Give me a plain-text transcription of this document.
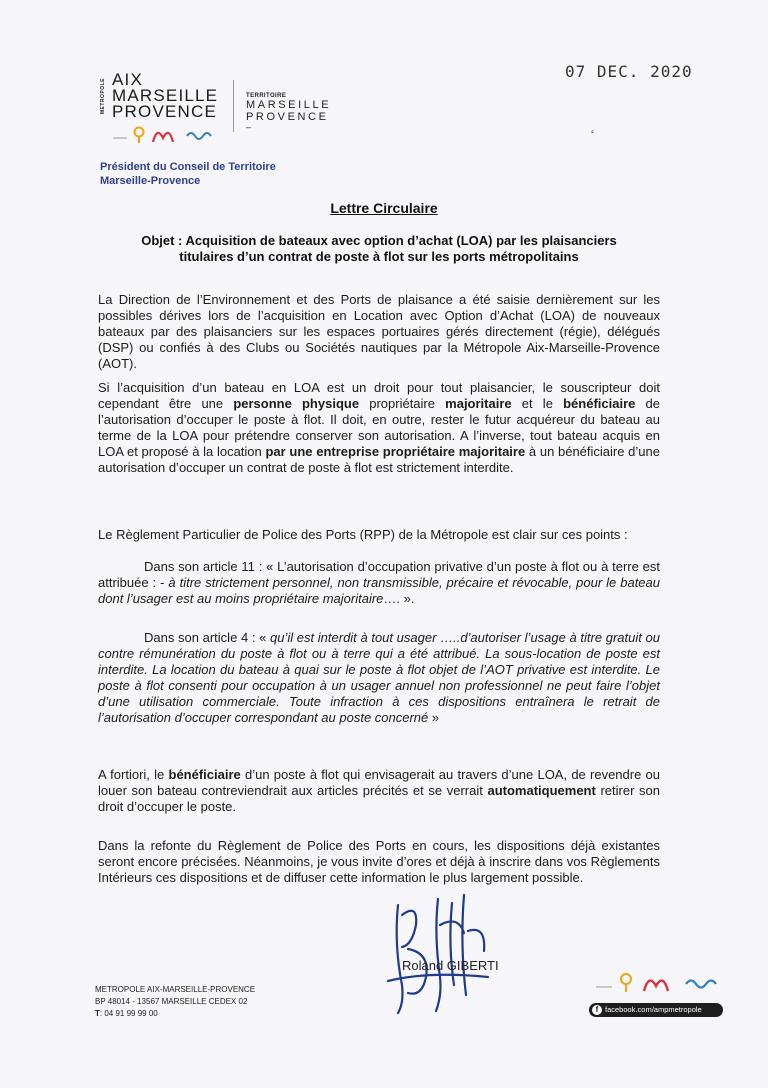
METROPOLE AIX
MARSEILLE
PROVENCE
TERRITOIRE
MARSEILLE
PROVENCE
–
07 DEC. 2020
⸗
Président du Conseil de Territoire
Marseille-Provence
Lettre Circulaire
Objet : Acquisition de bateaux avec option d’achat (LOA) par les plaisanciers
titulaires d’un contrat de poste à flot sur les ports métropolitains
La Direction de l’Environnement et des Ports de plaisance a été saisie dernièrement sur les possibles dérives lors de l’acquisition en Location avec Option d’Achat (LOA) de nouveaux bateaux par des plaisanciers sur les espaces portuaires gérés directement (régie), délégués (DSP) ou confiés à des Clubs ou Sociétés nautiques par la Métropole Aix-Marseille-Provence (AOT).
Si l’acquisition d’un bateau en LOA est un droit pour tout plaisancier, le souscripteur doit cependant être une personne physique propriétaire majoritaire et le bénéficiaire de l’autorisation d’occuper le poste à flot. Il doit, en outre, rester le futur acquéreur du bateau au terme de la LOA pour prétendre conserver son autorisation. A l’inverse, tout bateau acquis en LOA et proposé à la location par une entreprise propriétaire majoritaire à un bénéficiaire d’une autorisation d’occuper un contrat de poste à flot est strictement interdite.
Le Règlement Particulier de Police des Ports (RPP) de la Métropole est clair sur ces points :
Dans son article 11 : « L’autorisation d’occupation privative d’un poste à flot ou à terre est attribuée : - à titre strictement personnel, non transmissible, précaire et révocable, pour le bateau dont l’usager est au moins propriétaire majoritaire…. ».
Dans son article 4 : « qu’il est interdit à tout usager …..d’autoriser l’usage à titre gratuit ou contre rémunération du poste à flot ou à terre qui a été attribué. La sous-location de poste est interdite. La location du bateau à quai sur le poste à flot objet de l’AOT privative est interdite. Le poste à flot consenti pour occupation à un usager annuel non professionnel ne peut faire l’objet d’une utilisation commerciale. Toute infraction à ces dispositions entraînera le retrait de l’autorisation d’occuper correspondant au poste concerné »
A fortiori, le bénéficiaire d’un poste à flot qui envisagerait au travers d’une LOA, de revendre ou louer son bateau contreviendrait aux articles précités et se verrait automatiquement retirer son droit d’occuper le poste.
Dans la refonte du Règlement de Police des Ports en cours, les dispositions déjà existantes seront encore précisées. Néanmoins, je vous invite d’ores et déjà à inscrire dans vos Règlements Intérieurs ces dispositions et de diffuser cette information le plus largement possible.
Roland GIBERTI
METROPOLE AIX-MARSEILLE-PROVENCE
BP 48014 - 13567 MARSEILLE CEDEX 02
T: 04 91 99 99 00	f facebook.com/ampmetropole
